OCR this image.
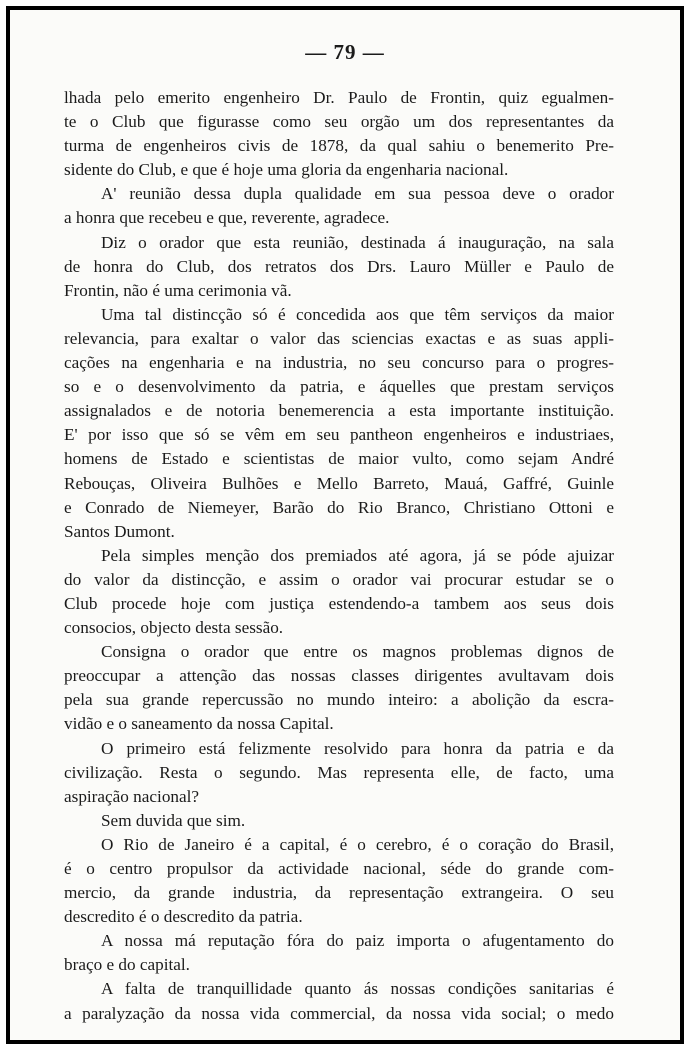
— 79 —
lhada pelo emerito engenheiro Dr. Paulo de Frontin, quiz egualmen-
te o Club que figurasse como seu orgão um dos representantes da
turma de engenheiros civis de 1878, da qual sahiu o benemerito Pre-
sidente do Club, e que é hoje uma gloria da engenharia nacional.
A' reunião dessa dupla qualidade em sua pessoa deve o orador
a honra que recebeu e que, reverente, agradece.
Diz o orador que esta reunião, destinada á inauguração, na sala
de honra do Club, dos retratos dos Drs. Lauro Müller e Paulo de
Frontin, não é uma cerimonia vã.
Uma tal distincção só é concedida aos que têm serviços da maior
relevancia, para exaltar o valor das sciencias exactas e as suas appli-
cações na engenharia e na industria, no seu concurso para o progres-
so e o desenvolvimento da patria, e áquelles que prestam serviços
assignalados e de notoria benemerencia a esta importante instituição.
E' por isso que só se vêm em seu pantheon engenheiros e industriaes,
homens de Estado e scientistas de maior vulto, como sejam André
Rebouças, Oliveira Bulhões e Mello Barreto, Mauá, Gaffré, Guinle
e Conrado de Niemeyer, Barão do Rio Branco, Christiano Ottoni e
Santos Dumont.
Pela simples menção dos premiados até agora, já se póde ajuizar
do valor da distincção, e assim o orador vai procurar estudar se o
Club procede hoje com justiça estendendo-a tambem aos seus dois
consocios, objecto desta sessão.
Consigna o orador que entre os magnos problemas dignos de
preoccupar a attenção das nossas classes dirigentes avultavam dois
pela sua grande repercussão no mundo inteiro: a abolição da escra-
vidão e o saneamento da nossa Capital.
O primeiro está felizmente resolvido para honra da patria e da
civilização. Resta o segundo. Mas representa elle, de facto, uma
aspiração nacional?
Sem duvida que sim.
O Rio de Janeiro é a capital, é o cerebro, é o coração do Brasil,
é o centro propulsor da actividade nacional, séde do grande com-
mercio, da grande industria, da representação extrangeira. O seu
descredito é o descredito da patria.
A nossa má reputação fóra do paiz importa o afugentamento do
braço e do capital.
A falta de tranquillidade quanto ás nossas condições sanitarias é
a paralyzação da nossa vida commercial, da nossa vida social; o medo
